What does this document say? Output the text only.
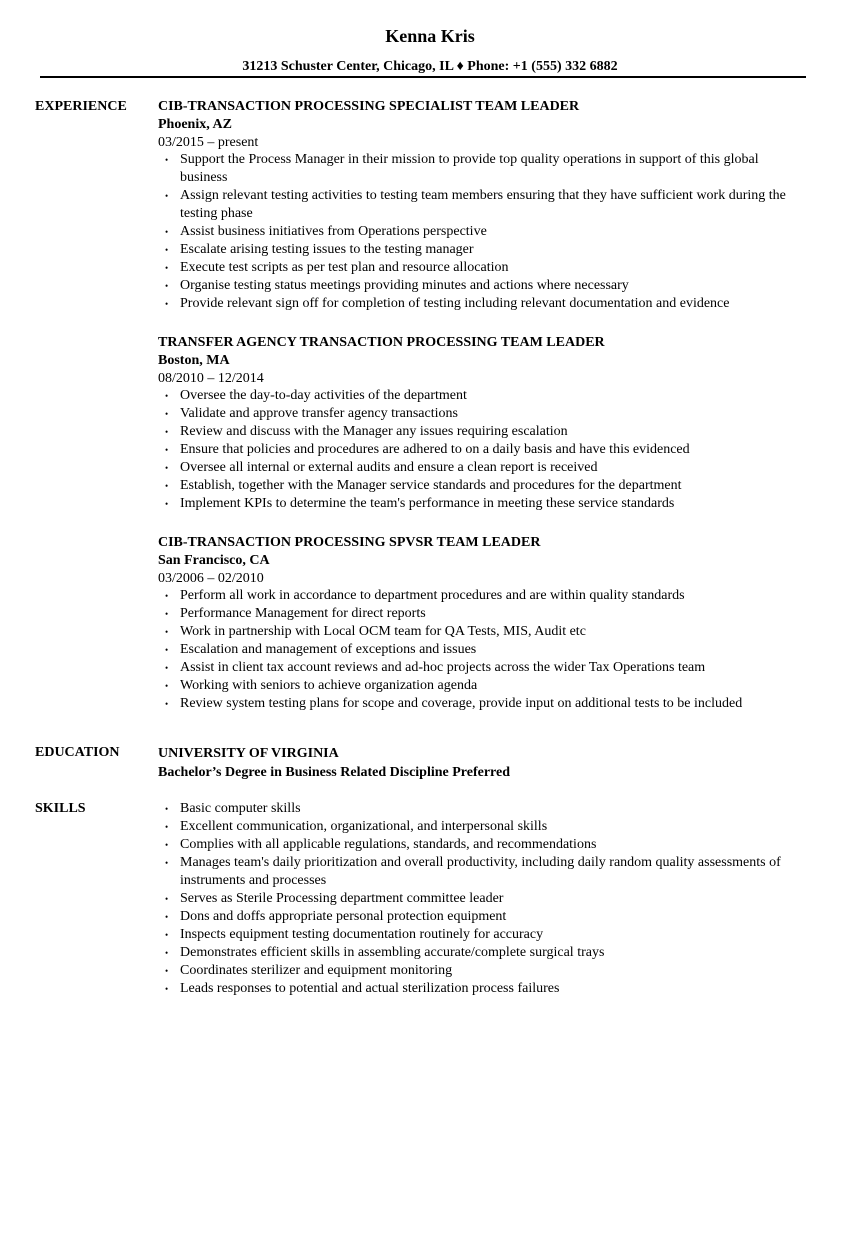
Kenna Kris
31213 Schuster Center, Chicago, IL ♦ Phone: +1 (555) 332 6882
EXPERIENCE CIB-TRANSACTION PROCESSING SPECIALIST TEAM LEADER
Phoenix, AZ
03/2015 – present
• Support the Process Manager in their mission to provide top quality operations in support of this global business
• Assign relevant testing activities to testing team members ensuring that they have sufficient work during the testing phase
• Assist business initiatives from Operations perspective
• Escalate arising testing issues to the testing manager
• Execute test scripts as per test plan and resource allocation
• Organise testing status meetings providing minutes and actions where necessary
• Provide relevant sign off for completion of testing including relevant documentation and evidence
TRANSFER AGENCY TRANSACTION PROCESSING TEAM LEADER
Boston, MA
08/2010 – 12/2014
• Oversee the day-to-day activities of the department
• Validate and approve transfer agency transactions
• Review and discuss with the Manager any issues requiring escalation
• Ensure that policies and procedures are adhered to on a daily basis and have this evidenced
• Oversee all internal or external audits and ensure a clean report is received
• Establish, together with the Manager service standards and procedures for the department
• Implement KPIs to determine the team's performance in meeting these service standards
CIB-TRANSACTION PROCESSING SPVSR TEAM LEADER
San Francisco, CA
03/2006 – 02/2010
• Perform all work in accordance to department procedures and are within quality standards
• Performance Management for direct reports
• Work in partnership with Local OCM team for QA Tests, MIS, Audit etc
• Escalation and management of exceptions and issues
• Assist in client tax account reviews and ad-hoc projects across the wider Tax Operations team
• Working with seniors to achieve organization agenda
• Review system testing plans for scope and coverage, provide input on additional tests to be included
EDUCATION	UNIVERSITY OF VIRGINIA
Bachelor’s Degree in Business Related Discipline Preferred
SKILLS	• Basic computer skills
• Excellent communication, organizational, and interpersonal skills
• Complies with all applicable regulations, standards, and recommendations
• Manages team's daily prioritization and overall productivity, including daily random quality assessments of instruments and processes
• Serves as Sterile Processing department committee leader
• Dons and doffs appropriate personal protection equipment
• Inspects equipment testing documentation routinely for accuracy
• Demonstrates efficient skills in assembling accurate/complete surgical trays
• Coordinates sterilizer and equipment monitoring
• Leads responses to potential and actual sterilization process failures
